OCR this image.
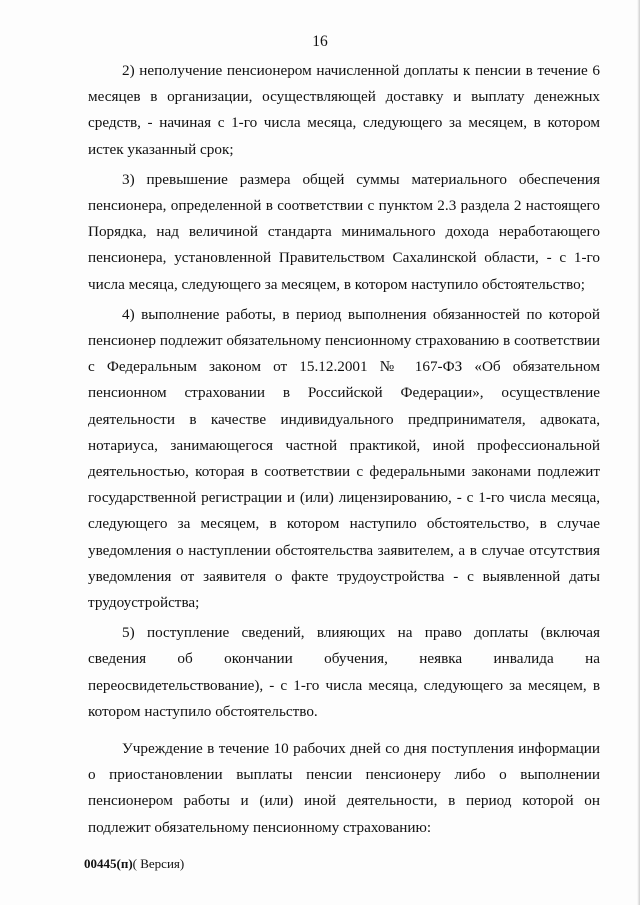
16

2) неполучение пенсионером начисленной доплаты к пенсии в течение 6 месяцев в организации, осуществляющей доставку и выплату денежных средств, - начиная с 1-го числа месяца, следующего за месяцем, в котором истек указанный срок;

3) превышение размера общей суммы материального обеспечения пенсионера, определенной в соответствии с пунктом 2.3 раздела 2 настоящего Порядка, над величиной стандарта минимального дохода неработающего пенсионера, установленной Правительством Сахалинской области, - с 1-го числа месяца, следующего за месяцем, в котором наступило обстоятельство;

4) выполнение работы, в период выполнения обязанностей по которой пенсионер подлежит обязательному пенсионному страхованию в соответствии с Федеральным законом от 15.12.2001 № 167-ФЗ «Об обязательном пенсионном страховании в Российской Федерации», осуществление деятельности в качестве индивидуального предпринимателя, адвоката, нотариуса, занимающегося частной практикой, иной профессиональной деятельностью, которая в соответствии с федеральными законами подлежит государственной регистрации и (или) лицензированию, - с 1-го числа месяца, следующего за месяцем, в котором наступило обстоятельство, в случае уведомления о наступлении обстоятельства заявителем, а в случае отсутствия уведомления от заявителя о факте трудоустройства - с выявленной даты трудоустройства;

5) поступление сведений, влияющих на право доплаты (включая сведения об окончании обучения, неявка инвалида на переосвидетельствование), - с 1-го числа месяца, следующего за месяцем, в котором наступило обстоятельство.

Учреждение в течение 10 рабочих дней со дня поступления информации о приостановлении выплаты пенсии пенсионеру либо о выполнении пенсионером работы и (или) иной деятельности, в период которой он подлежит обязательному пенсионному страхованию:

00445(п)( Версия)
